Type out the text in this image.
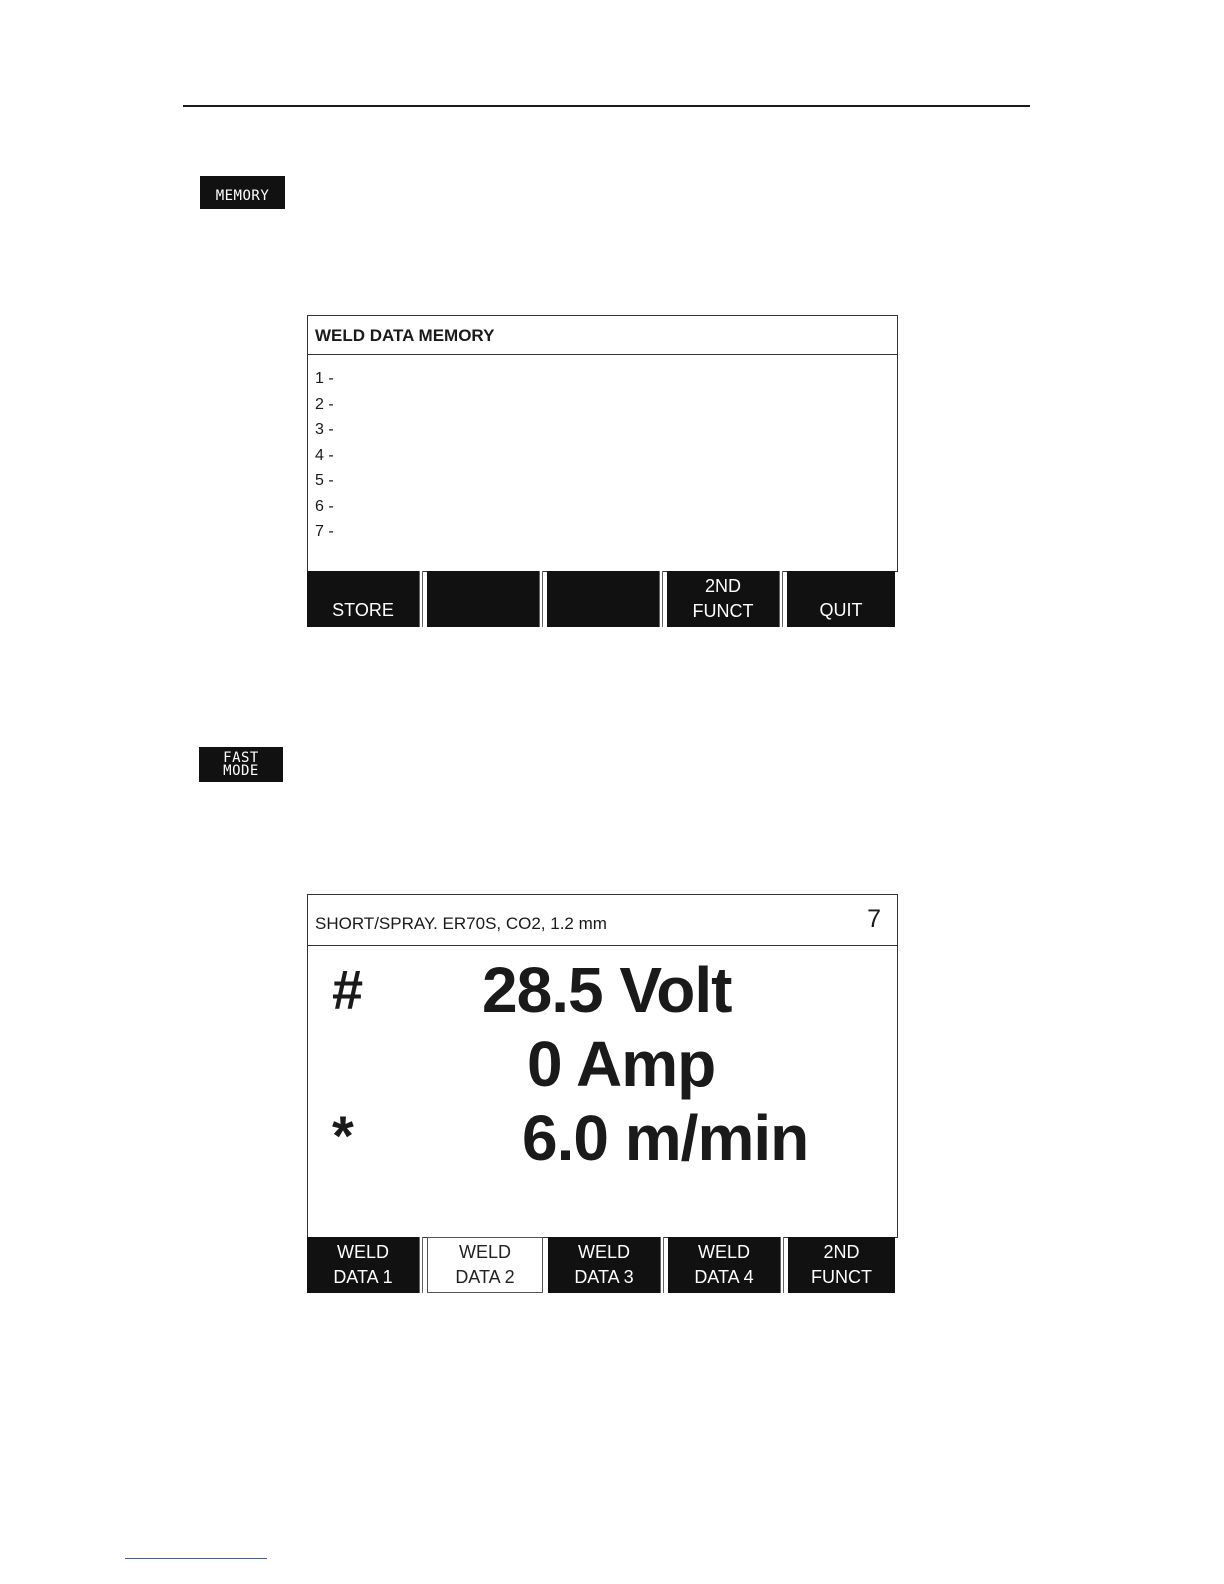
MEMORY
WELD DATA MEMORY
1 -
2 -
3 -
4 -
5 -
6 -
7 -
STORE
2ND
FUNCT	QUIT
FAST
MODE
SHORT/SPRAY. ER70S, CO2, 1.2 mm	7
# 28.5 Volt
0 Amp
*	6.0 m/min
WELD
DATA 1
WELD
DATA 2
WELD
DATA 3
WELD
DATA 4
2ND
FUNCT
